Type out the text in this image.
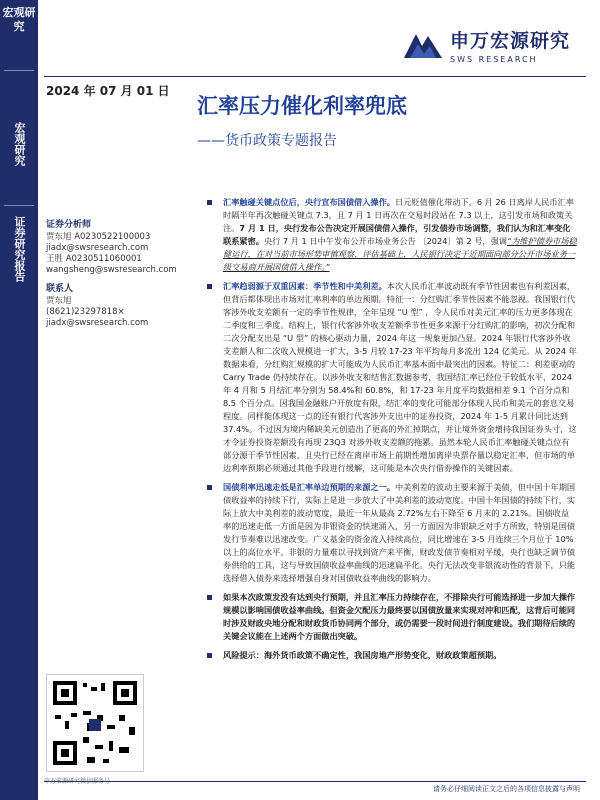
宏观研究
宏观研究
证券研究报告
申万宏源研究
SWS RESEARCH
2024 年 07 月 01 日
汇率压力催化利率兜底
——货币政策专题报告
证券分析师
贾东旭 A0230522100003
jiadx@swsresearch.com
王胜 A0230511060001
wangsheng@swsresearch.com
联系人
贾东旭
(8621)23297818×
jiadx@swsresearch.com
汇率触碰关键点位后，央行宣布国债借入操作。日元贬值催化带动下，6 月 26 日离岸人民币汇率时隔半年再次触碰关键点 7.3，且 7 月 1 日再次在交易时段站在 7.3 以上，这引发市场和政策关注。7 月 1 日，央行发布公告决定开展国债借入操作，引发债券市场调整，我们认为和汇率变化联系紧密。央行 7 月 1 日中午发布公开市场业务公告 〔2024〕第 2 号，强调“为维护债券市场稳健运行，在对当前市场形势审慎观察、评估基础上，人民银行决定于近期面向部分公开市场业务一级交易商开展国债借入操作。”
汇率趋弱源于双重因素：季节性和中美利差。本次人民币汇率波动既有季节性因素也有利差因素，但背后都体现出市场对汇率利率的单边预期。特征一：分红购汇季节性因素不能忽视。我国银行代客涉外收支差额有一定的季节性规律，全年呈现 “U 型” ，令人民币对美元汇率的压力更多体现在二季度和三季度。结构上，银行代客涉外收支差额季节性更多来源于分红购汇的影响，初次分配和二次分配支出是 “U 型” 的核心驱动力量，2024 年这一规象更加凸显。2024 年银行代客涉外收支差额人和二次收入规模进一扩大，3-5 月较 17-23 年平均每月多流出 124 亿美元。从 2024 年数据来看，分红购汇规模的扩大可能成为人民币汇率基本面中最突出的因素。特征二：利差驱动的 Carry Trade 仍持续存在。以涉外收支和结售汇数据参考，我国结汇率已经位于较低水平，2024 年 4 月和 5 月结汇率分别为 58.4%和 60.8%，和 17-23 年月度平均数据相差 9.1 个百分点和 8.5 个百分点。因我国金融账户开放度有限，结汇率的变化可能部分体现人民币和美元的套息交易程度。同样能体现这一点的还有银行代客涉外支出中的证券投资，2024 年 1-5 月累计同比达到 37.4%。不过因为境内稀缺美元创造出了更高的外汇掉期点，并让境外资金增持我国证券头寸，这才令证券投资差额没有再现 23Q3 对涉外收支差额的拖累。虽然本轮人民币汇率触碰关键点位有部分源于季节性因素，且央行已经在离岸市场上前期性增加离岸央票存量以稳定汇率，但市场的单边利率预期必须通过其他手段进行缓解，这可能是本次央行借券操作的关键因素。
国债利率迅速走低是汇率单边预期的来源之一。中美利差的波动主要来源于美债，但中国十年期国债收益率的持续下行，实际上是进一步放大了中美利差的波动宽度。中国十年国债的持续下行，实际上放大中美利差的波动宽度，最近一年从最高 2.72%左右下降至 6 月末的 2.21%。国债收益率的迅速走低一方面是因为非银资金的快速涌入，另一方面因为非银缺乏对手方所致，特别是国债发行节奏难以迅速改变。广义基金的资金流入持续高位，同比增速在 3-5 月连续三个月位于 10%以上的高位水平。非银的力量难以寻找到资产来平衡，财政发债节奏相对平缓，央行也缺乏调节债券供给的工具，这与导致国债收益率曲线的迅速扁平化。央行无法改变非银流动性的背景下，只能选择借入债券来选择增强自身对国债收益率曲线的影响力。
如果本次政策发没有达到央行预期，并且汇率压力持续存在，不排除央行可能选择进一步加大操作规模以影响国债收益率曲线。但资金欠配压力最终要以国债放量来实现对冲和匹配，这背后可能同时涉及财政央地分配和财政货币协同两个部分，或仍需要一段时间进行制度建设。我们期待后续的关键会议能在上述两个方面做出突破。
风险提示：海外货币政策不确定性，我国房地产形势变化，财政政策超预期。
请务必仔细阅读正文之后的各项信息披露与声明
